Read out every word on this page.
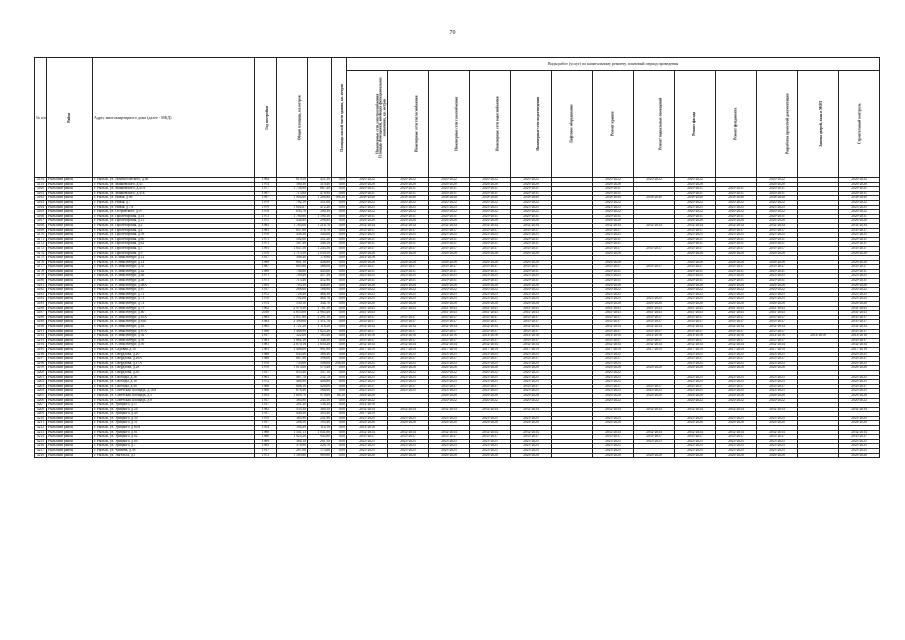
70
№ п/п	Район	Адрес многоквартирного дома (далее - МКД)	Год постройки	Общая площадь, кв.метров	Площадь жилой части здания, кв. метров	Площадь помещений, имеющих функциональное назначение, кв. метров	Виды работ (услуг) по капитальному ремонту, плановый период проведения												
							Инженерные сети электроснабжения	Инженерные сети теплоснабжения	Инженерные сети газоснабжения	Инженерные сети водоснабжения	Инженерные сети водоотведения	Лифтовое оборудование	Ремонт крыши	Ремонт подвальных помещений	Ремонт фасада	Ремонт фундамента	Разработка проектной документации	Замена дверей, окон в МОП	Строительный контроль
4154	Рыльский район	г. Рыльск, ул. Ломоносовского, д.46	1964	819,50	431,30	0,00	2020-2022	2020-2022	2020-2022	2020-2022	2020-2022		2020-2022	2020-2022	2020-2022		2020-2022		2020-2022
4155	Рыльский район	г. Рыльск, ул. Маяковского, д.41	1974	580,30	319,40	0,00	2026-2028	2026-2028	2026-2028	2026-2028	2026-2028		2026-2028		2026-2028		2026-2028		2026-2028
4160	Рыльский район	г. Рыльск, ул. Маяковского, д.41А	1977	1 736,90	667,40	0,00	2029-2031	2029-2031	2029-2031	2029-2031	2029-2031		2029-2031		2029-2031	2029-2031	2029-2031		2029-2031
4161	Рыльский район	г. Рыльск, ул. Маяковского, д.41Б	1997	713,80	478,90	0,00	2029-2031	2029-2031	2029-2031	2029-2031	2029-2031		2029-2031		2029-2031	2029-2031	2029-2031		2029-2031
4162	Рыльский район	г. Рыльск, ул. Новая, д.86	1997	1 904,60	1 286,80	168,20	2038-2040	2038-2040	2038-2040	2038-2040	2038-2040		2038-2040	2038-2040	2038-2040	2038-2040	2038-2040		2038-2040
4163	Рыльский район	г. Рыльск, ул. Новая, д.7	1979	702,10	351,00	0,00	2020-2022	2020-2022	2020-2022	2020-2022	2020-2022		2020-2022		2020-2022	2020-2022	2020-2022		2020-2022
4164	Рыльский район	г. Рыльск, ул. Новая, д.7А	1979	1 002,67	472,20	0,00	2023-2025	2023-2025	2023-2025	2023-2025	2023-2025		2023-2025		2023-2025	2023-2025	2023-2025		2023-2025
4165	Рыльский район	г. Рыльск, ул. Островского, д.97	1978	843,70	390,30	0,00	2020-2022	2020-2022	2020-2022	2020-2022	2020-2022		2020-2022		2020-2022	2020-2022	2020-2022		2020-2022
4166	Рыльский район	г. Рыльск, ул. Пролетарская, д.14	1973	1 780,80	1 190,10	0,00	2029-2031	2029-2031	2029-2031	2029-2031	2029-2031		2029-2031		2029-2031	2029-2031	2029-2031		2029-2031
4167	Рыльский район	г. Рыльск, ул. Пролетарская, д.15	1975	444,80	296,80	0,00	2026-2028	2026-2028	2026-2028	2026-2028	2026-2028		2026-2028		2026-2028	2026-2028	2026-2028		2026-2028
4168	Рыльский район	г. Рыльск, ул. Пролетарская, д.2	1985	1 765,00	1 216,70	0,00	2032-2034	2032-2034	2032-2034	2032-2034	2032-2034		2032-2034	2032-2034	2032-2034	2032-2034	2032-2034		2032-2034
4169	Рыльский район	г. Рыльск, ул. Пролетарская, д.4	1981	857,60	576,70	0,00	2035-2037	2035-2037	2035-2037	2035-2037	2035-2037		2035-2037		2035-2037	2035-2037	2035-2037		2035-2037
4170	Рыльский район	г. Рыльск, ул. Пролетарская, д.58	1970	438,30	344,00	0,00	2023-2025	2023-2025	2023-2025	2023-2025	2023-2025		2023-2025		2023-2025	2023-2025	2023-2025		2023-2025
4171	Рыльский район	г. Рыльск, ул. Пролетарская, д.60	1971	502,00	351,20	0,00	2029-2031	2029-2031	2029-2031	2029-2031	2029-2031		2029-2031		2029-2031	2029-2031	2029-2031		2029-2031
4172	Рыльский район	г. Рыльск, ул. Пролетарская, д.62	1971	507,40	348,10	0,00	2029-2031	2029-2031	2029-2031	2029-2031	2029-2031		2029-2031		2029-2031	2029-2031	2029-2031		2029-2031
4173	Рыльский район	г. Рыльск, ул. Пролетарская, д.7	1991	1 847,50	1 243,50	0,00	2035-2037	2035-2037	2035-2037	2035-2037	2035-2037		2035-2037	2035-2037	2035-2037	2035-2037	2035-2037		2035-2037
4174	Рыльский район	г. Рыльск, ул. Пролетарская, д.9	1978	1 713,50	1 039,50	0,00	2026-2028	2026-2028	2026-2028	2026-2028	2026-2028		2026-2028		2026-2028	2026-2028	2026-2028		2026-2028
4175	Рыльский район	г. Рыльск, ул. Р.Люксембург, д.12	1917	306,40	178,90	0,00	2014-2016												
4176	Рыльский район	г. Рыльск, ул. Р.Люксембург, д.14	1989	801,10	448,80	0,00	2026-2028	2026-2028	2026-2028	2026-2028	2026-2028		2026-2028		2026-2028	2026-2028	2026-2028		2026-2028
4177	Рыльский район	г. Рыльск, ул. Р.Люксембург, д.35	1987	605,80	368,00	0,00	2035-2037	2035-2037	2035-2037	2035-2037	2035-2037		2035-2037	2035-2037	2035-2037	2035-2037	2035-2037		2035-2037
4178	Рыльский район	г. Рыльск, ул. Р.Люксембург, д.42	1989	748,80	445,00	0,00	2029-2031	2029-2031	2029-2031	2029-2031	2029-2031		2029-2031		2029-2031	2029-2031	2029-2031		2029-2031
4179	Рыльский район	г. Рыльск, ул. Р.Люксембург, д.46	1971	709,40	457,30	0,00	2023-2025	2023-2025	2023-2025	2023-2025	2023-2025		2023-2025		2023-2025	2023-2025	2023-2025		2023-2025
4180	Рыльский район	г. Рыльск, ул. Р.Люксембург, д.48	1971	713,40	452,90	0,00	2029-2031	2029-2031	2029-2031	2029-2031	2029-2031		2029-2031		2029-2031	2029-2031	2029-2031		2029-2031
4181	Рыльский район	г. Рыльск, ул. Р.Люксембург, д.48А	1993	703,30	448,80	0,00	2026-2028	2026-2028	2026-2028	2026-2028	2026-2028		2026-2028		2026-2028	2026-2028	2026-2028		2026-2028
4182	Рыльский район	г. Рыльск, ул. Р.Люксембург, д.67	1917	268,60	186,80	0,00	2020-2022	2020-2022	2020-2022	2020-2022	2020-2022		2020-2022		2020-2022	2020-2022	2020-2022		2020-2022
4183	Рыльский район	г. Рыльск, ул. Р.Люксембург, д.72	1972	728,40	468,30	0,00	2023-2025	2023-2025	2023-2025	2023-2025	2023-2025		2023-2025		2023-2025	2023-2025	2023-2025		2023-2025
4184	Рыльский район	г. Рыльск, ул. Р.Люксембург, д.73	1970	702,00	464,70	0,00	2023-2025	2023-2025	2023-2025	2023-2025	2023-2025		2023-2025	2023-2025	2023-2025	2023-2025	2023-2025		2023-2025
4185	Рыльский район	г. Рыльск, ул. Р.Люксембург, д.74	1974	530,10	344,70	0,00	2026-2028	2026-2028	2026-2028	2026-2028	2026-2028		2026-2028	2026-2028	2026-2028	2026-2028	2026-2028		2026-2028
4186	Рыльский район	г. Рыльск, ул. Р.Люксембург, д.75	1962	2 979,30	1 761,10	0,00	2041-2043	2041-2043	2041-2043	2041-2043	2041-2043		2041-2043	2041-2043	2041-2043	2041-2043	2041-2043		2041-2043
4187	Рыльский район	г. Рыльск, ул. Р.Люксембург, д.80	2018	4 653,60	2 965,40	0,00	2041-2043		2041-2043	2041-2043	2041-2043		2041-2043	2041-2043	2041-2043	2041-2043	2041-2043		2041-2043
4188	Рыльский район	г. Рыльск, ул. Р.Люксембург, д.81А	1983	2 037,80	1 291,10	0,00	2035-2037	2035-2037	2035-2037	2035-2037	2035-2037		2035-2037	2035-2037	2035-2037	2035-2037	2035-2037		2035-2037
4189	Рыльский район	г. Рыльск, ул. Р.Люксембург, д.81Б	1983	2 390,60	1 311,70	0,00	2035-2037	2035-2037	2035-2037	2035-2037	2035-2037		2035-2037	2035-2037	2035-2037	2035-2037	2035-2037		2035-2037
4190	Рыльский район	г. Рыльск, ул. Р.Люксембург, д.83	1985	1 721,20	1 118,20	0,00	2032-2034	2032-2034	2032-2034	2032-2034	2032-2034		2032-2034	2032-2034	2032-2034	2032-2034	2032-2034		2032-2034
4191	Рыльский район	г. Рыльск, ул. Р.Люксембург, д.87А	1996	1 488,90	1 023,20	0,00	2035-2037	2035-2037	2035-2037	2035-2037	2035-2037		2035-2037	2035-2037	2035-2037	2035-2037	2035-2037		2035-2037
4192	Рыльский район	г. Рыльск, ул. Р.Люксембург, д.92	1917	322,00	185,40	0,00	2014-2016	2014-2016	2014-2016	2014-2016	2014-2016		2014-2016	2014-2016	2014-2016	2014-2016	2014-2016	2014-2016	2014-2016
4193	Рыльский район	г. Рыльск, ул. Р.Люксембург, д.93	1981	1 862,10	1 348,30	0,00	2035-2037	2035-2037	2035-2037	2035-2037	2035-2037		2035-2037	2035-2037	2035-2037	2035-2037	2035-2037		2035-2037
4194	Рыльский район	г. Рыльск, ул. Р.Люксембург, д.95	1981	2 670,16	1 650,20	0,00	2032-2034	2032-2034	2032-2034	2032-2034	2032-2034		2032-2034	2032-2034	2032-2034	2032-2034	2032-2034		2032-2034
4195	Рыльский район	г. Рыльск, ул. Садовая, д.10	1981	1 408,00	991,80	0,00	2017-2019	2017-2019	2017-2019	2017-2019	2017-2019		2017-2019	2017-2019	2017-2019	2017-2019	2017-2019		2017-2019
4196	Рыльский район	г. Рыльск, ул. Свердлова, д.20	1988	643,40	368,40	0,00	2023-2025	2023-2025	2023-2025	2023-2025	2023-2025		2023-2025		2023-2025	2023-2025	2023-2025		2023-2025
4197	Рыльский район	г. Рыльск, ул. Свердлова, д.26А	1988	667,90	398,00	0,00	2035-2037	2035-2037	2035-2037	2035-2037	2035-2037		2035-2037		2035-2037	2035-2037	2035-2037		2035-2037
4198	Рыльский район	г. Рыльск, ул. Свердлова, д.27А	1970	745,60	508,00	236,40	2023-2025	2023-2025	2023-2025	2023-2025	2023-2025		2023-2025		2023-2025	2023-2025	2023-2025		2023-2025
4199	Рыльский район	г. Рыльск, ул. Свердлова, д.28	1970	1 013,00	575,40	0,00	2026-2028	2026-2028	2026-2028	2026-2028	2026-2028		2026-2028	2026-2028	2026-2028	2026-2028	2026-2028		2026-2028
4200	Рыльский район	г. Рыльск, ул. Свердлова, д.30	1917	853,40	347,10	0,00	2020-2022	2020-2022	2020-2022	2020-2022	2020-2022		2020-2022						
4201	Рыльский район	г. Рыльск, ул. Свободы, д.16	1961	407,70	232,70	0,00	2023-2025	2023-2025	2023-2025	2023-2025	2023-2025		2023-2025		2023-2025	2023-2025	2023-2025		2023-2025
4202	Рыльский район	г. Рыльск, ул. Свободы, д.18	1972	484,90	404,80	0,00	2023-2025	2023-2025	2023-2025	2023-2025	2023-2025		2023-2025		2023-2025	2023-2025	2023-2025		2023-2025
4203	Рыльский район	г. Рыльск, ул. Свободы, д.40	1988	686,10	426,00	0,00	2035-2037	2035-2037	2035-2037	2035-2037	2035-2037		2035-2037	2035-2037	2035-2037	2035-2037	2035-2037		2035-2037
4204	Рыльский район	г. Рыльск, ул. Советская Площадь, д.16А	1968	878,40	568,60	0,00	2023-2025	2023-2025	2023-2025	2023-2025	2023-2025		2023-2025	2023-2025	2023-2025	2023-2025	2023-2025		2023-2025
4205	Рыльский район	г. Рыльск, ул. Советская Площадь, д.5	1953	1 609,70	970,60	86,30	2026-2028		2026-2028	2026-2028	2026-2028		2026-2028	2026-2028	2026-2028	2026-2028	2026-2028		2026-2028
4206	Рыльский район	г. Рыльск, ул. Советская Площадь, д.8	1917	385,80	243,50	0,00	2020-2022		2020-2022	2020-2022	2020-2022		2020-2022		2020-2022	2020-2022	2020-2022		2020-2022
4207	Рыльский район	г. Рыльск, ул. Урицкого, д.17	1917	201,30	138,30	0,00	2014-2016												
4208	Рыльский район	г. Рыльск, ул. Урицкого, д.24	1982	535,30	360,50	0,00	2032-2034	2032-2034	2032-2034	2032-2034	2032-2034		2032-2034	2032-2034	2032-2034	2032-2034	2032-2034		2032-2034
4209	Рыльский район	г. Рыльск, ул. Урицкого, д.49	1917	440,30	305,40	0,00	2017-2019												
4210	Рыльский район	г. Рыльск, ул. Урицкого, д.50	1970	365,90	241,90	0,00	2023-2025	2023-2025	2023-2025	2023-2025	2023-2025		2023-2025		2023-2025	2023-2025	2023-2025		2023-2025
4211	Рыльский район	г. Рыльск, ул. Урицкого, д.51	1917	208,50	195,40	0,00	2026-2028	2026-2028	2026-2028	2026-2028	2026-2028		2026-2028		2026-2028	2026-2028	2026-2028		2026-2028
4212	Рыльский район	г. Рыльск, ул. Урицкого, д.60А	1954	194,40	114,10	0,00	2014-2016												
4213	Рыльский район	г. Рыльск, ул. Урицкого, д.61	1986	1 541,13	1 041,60	0,00	2032-2034	2032-2034	2032-2034	2032-2034	2032-2034		2032-2034	2032-2034	2032-2034	2032-2034	2032-2034		2032-2034
4214	Рыльский район	г. Рыльск, ул. Урицкого, д.62	1986	1 925,20	945,80	0,00	2035-2037	2035-2037	2035-2037	2035-2037	2035-2037		2035-2037	2035-2037	2035-2037	2035-2037	2035-2037		2035-2037
4215	Рыльский район	г. Рыльск, ул. Урицкого, д.64	1989	364,10	261,50	0,00	2023-2025	2023-2025	2023-2025	2023-2025	2023-2025		2023-2025	2023-2025	2023-2025	2023-2025	2023-2025		2023-2025
4216	Рыльский район	г. Рыльск, ул. Урицкого, д.7	1983	378,90	226,70	0,00	2023-2025	2023-2025	2023-2025	2023-2025	2023-2025		2023-2025		2023-2025	2023-2025	2023-2025		2023-2025
4217	Рыльский район	г. Рыльск, ул. Чапаева, д.58	1917	287,00	175,60	0,00	2023-2025	2023-2025	2023-2025	2023-2025	2023-2025		2023-2025		2023-2025	2023-2025	2023-2025		2023-2025
4218	Рыльский район	г. Рыльск, ул. Энгельса, д.1	1973	1 589,80	969,80	0,00	2026-2028	2026-2028	2026-2028	2026-2028	2026-2028		2026-2028	2026-2028	2026-2028	2026-2028	2026-2028		2026-2028
